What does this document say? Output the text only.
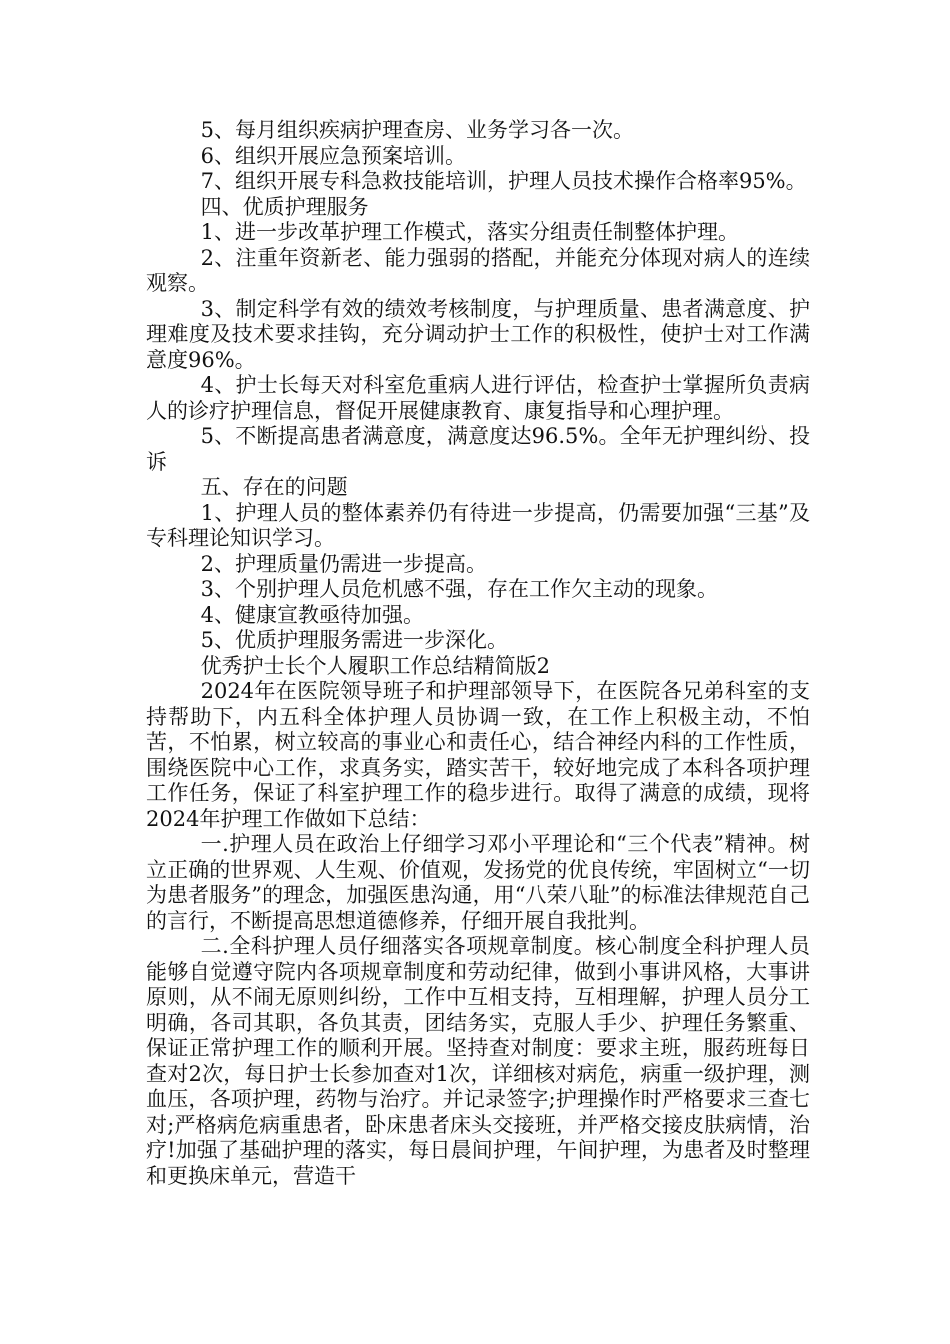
5、每月组织疾病护理查房、业务学习各一次。

6、组织开展应急预案培训。

7、组织开展专科急救技能培训，护理人员技术操作合格率95%。

四、优质护理服务

1、进一步改革护理工作模式，落实分组责任制整体护理。

2、注重年资新老、能力强弱的搭配，并能充分体现对病人的连续观察。

3、制定科学有效的绩效考核制度，与护理质量、患者满意度、护理难度及技术要求挂钩，充分调动护士工作的积极性，使护士对工作满意度96%。

4、护士长每天对科室危重病人进行评估，检查护士掌握所负责病人的诊疗护理信息，督促开展健康教育、康复指导和心理护理。

5、不断提高患者满意度，满意度达96.5%。全年无护理纠纷、投诉

五、存在的问题

1、护理人员的整体素养仍有待进一步提高，仍需要加强“三基”及专科理论知识学习。

2、护理质量仍需进一步提高。

3、个别护理人员危机感不强，存在工作欠主动的现象。

4、健康宣教亟待加强。

5、优质护理服务需进一步深化。

优秀护士长个人履职工作总结精简版2

2024年在医院领导班子和护理部领导下，在医院各兄弟科室的支持帮助下，内五科全体护理人员协调一致，在工作上积极主动，不怕苦，不怕累，树立较高的事业心和责任心，结合神经内科的工作性质，围绕医院中心工作，求真务实，踏实苦干，较好地完成了本科各项护理工作任务，保证了科室护理工作的稳步进行。取得了满意的成绩，现将2024年护理工作做如下总结：

一.护理人员在政治上仔细学习邓小平理论和“三个代表”精神。树立正确的世界观、人生观、价值观，发扬党的优良传统，牢固树立“一切为患者服务”的理念，加强医患沟通，用“八荣八耻”的标准法律规范自己的言行，不断提高思想道德修养，仔细开展自我批判。

二.全科护理人员仔细落实各项规章制度。核心制度全科护理人员能够自觉遵守院内各项规章制度和劳动纪律，做到小事讲风格，大事讲原则，从不闹无原则纠纷，工作中互相支持，互相理解，护理人员分工明确，各司其职，各负其责，团结务实，克服人手少、护理任务繁重、保证正常护理工作的顺利开展。坚持查对制度：要求主班，服药班每日查对2次，每日护士长参加查对1次，详细核对病危，病重一级护理，测血压，各项护理，药物与治疗。并记录签字;护理操作时严格要求三查七对;严格病危病重患者，卧床患者床头交接班，并严格交接皮肤病情，治疗!加强了基础护理的落实，每日晨间护理，午间护理，为患者及时整理和更换床单元，营造干
